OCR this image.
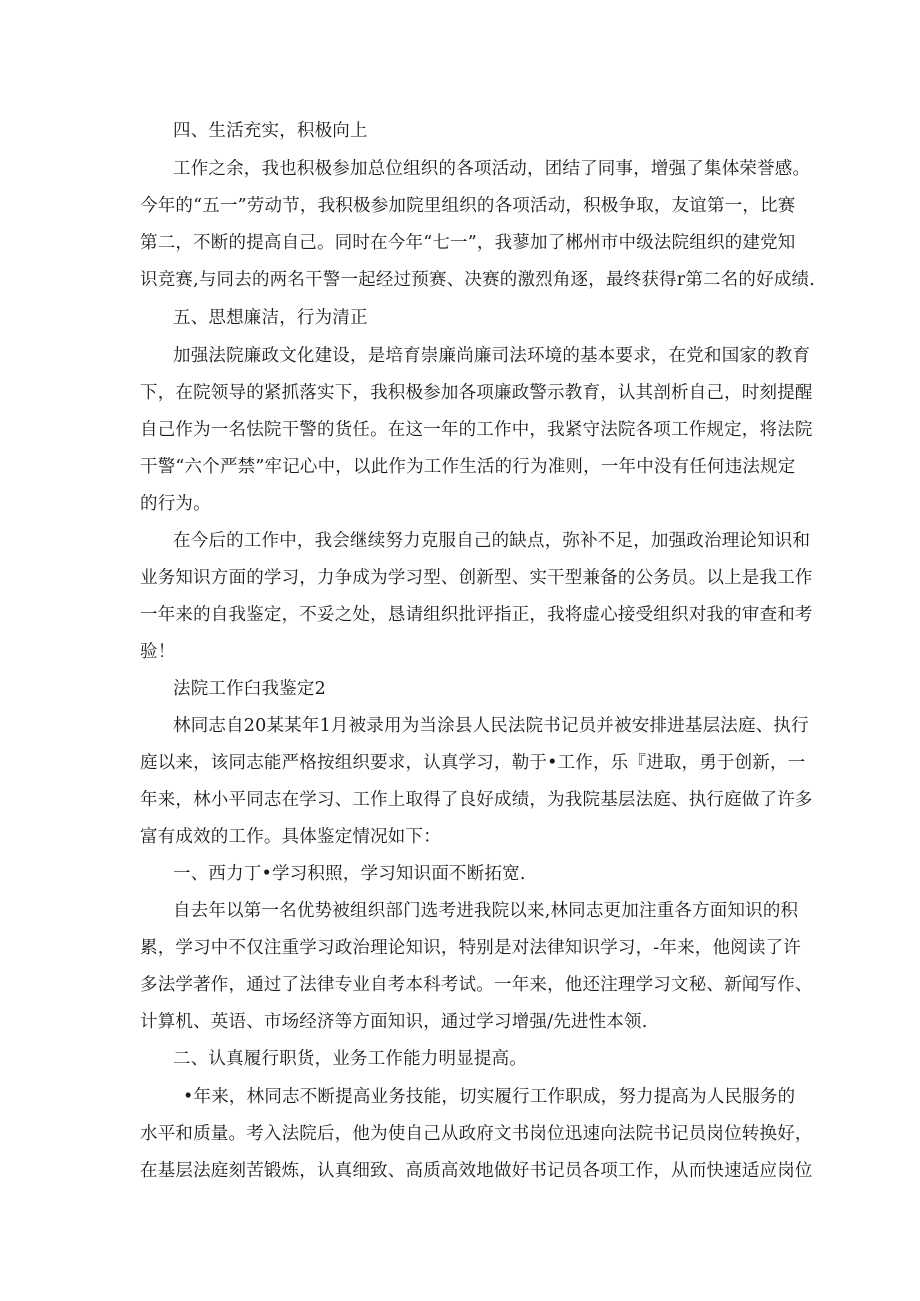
四、生活充实，积极向上
工作之余，我也积极参加总位组织的各项活动，团结了同事，增强了集体荣誉感。
今年的“五一”劳动节，我积极参加院里组织的各项活动，积极争取，友谊第一，比赛
第二，不断的提高自己。同时在今年“七一”，我蓼加了郴州市中级法院组织的建党知
识竞赛,与同去的两名干警一起经过预赛、决赛的激烈角逐，最终获得r第二名的好成绩.
五、思想廉洁，行为清正
加强法院廉政文化建设，是培育崇廉尚廉司法环境的基本要求，在党和国家的教育
下，在院领导的紧抓落实下，我积极参加各项廉政警示教育，认其剖析自己，时刻提醒
自己作为一名怯院干警的货任。在这一年的工作中，我紧守法院各项工作规定，将法院
干警“六个严禁”牢记心中，以此作为工作生活的行为准则，一年中没有任何违法规定
的行为。
在今后的工作中，我会继续努力克服自己的缺点，弥补不足，加强政治理论知识和
业务知识方面的学习，力争成为学习型、创新型、实干型兼备的公务员。以上是我工作
一年来的自我鉴定，不妥之处，恳请组织批评指正，我将虚心接受组织对我的审查和考
验！
法院工作臼我鉴定2
林同志自20某某年1月被录用为当涂县人民法院书记员并被安排进基层法庭、执行
庭以来，该同志能严格按组织要求，认真学习，勒于•工作，乐『进取，勇于创新，一
年来，林小平同志在学习、工作上取得了良好成绩，为我院基层法庭、执行庭做了许多
富有成效的工作。具体鉴定情况如下：
一、西力丁•学习积照，学习知识面不断拓宽.
自去年以第一名优势被组织部门选考进我院以来,林同志更加注重各方面知识的积
累，学习中不仅注重学习政治理论知识，特别是对法律知识学习，-年来，他阅读了许
多法学著作，通过了法律专业自考本科考试。一年来，他还注理学习文秘、新闻写作、
计算机、英语、市场经济等方面知识，通过学习增强/先进性本领.
二、认真履行职货，业务工作能力明显提高。
•年来，林同志不断提高业务技能，切实履行工作职成，努力提高为人民服务的
水平和质量。考入法院后，他为使自己从政府文书岗位迅速向法院书记员岗位转换好，
在基层法庭刻苦锻炼，认真细致、高质高效地做好书记员各项工作，从而快速适应岗位
